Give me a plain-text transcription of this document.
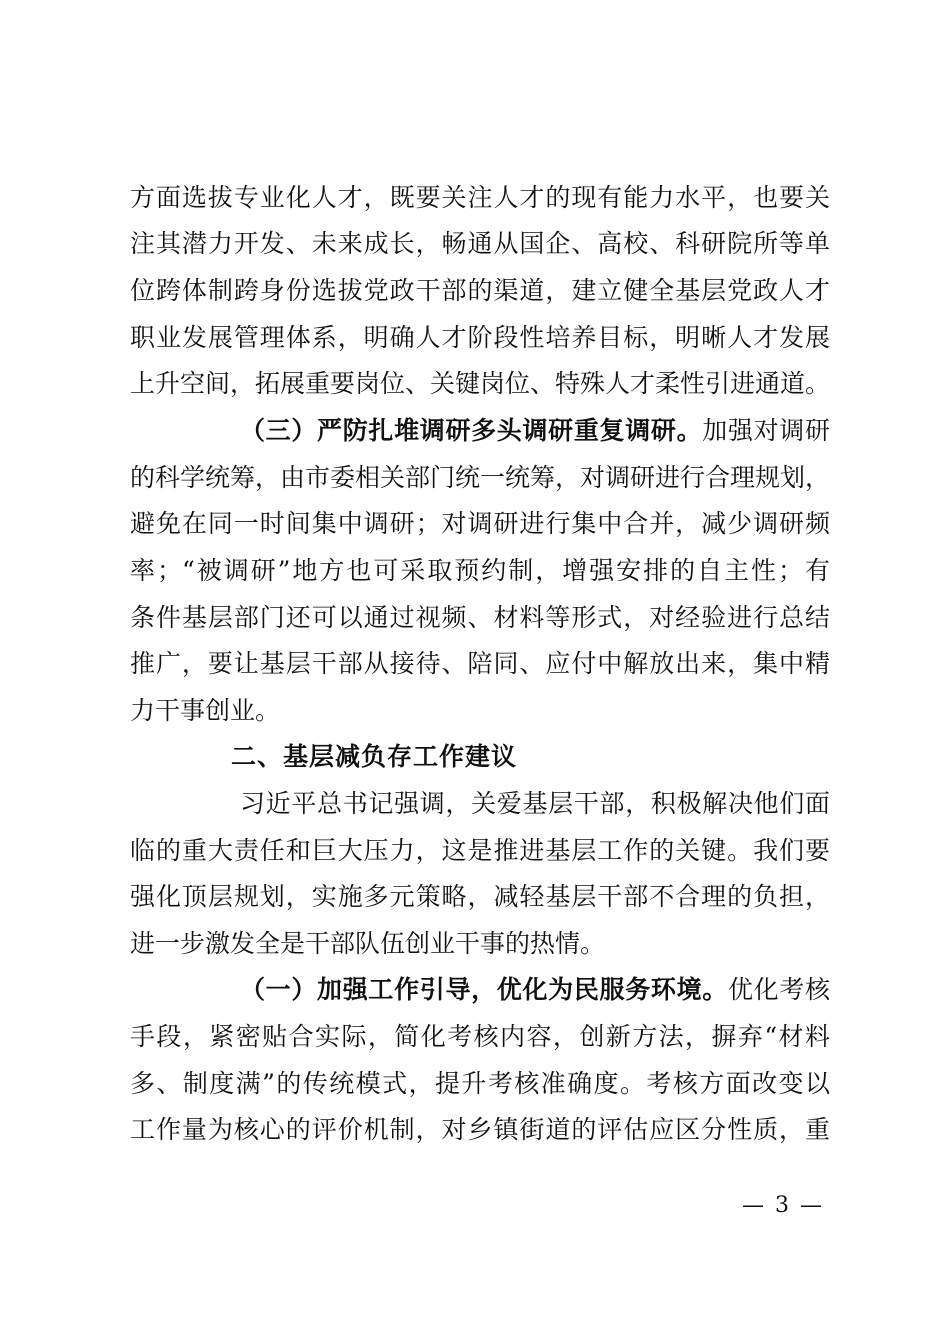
方面选拔专业化人才，既要关注人才的现有能力水平，也要关
注其潜力开发、未来成长，畅通从国企、高校、科研院所等单
位跨体制跨身份选拔党政干部的渠道，建立健全基层党政人才
职业发展管理体系，明确人才阶段性培养目标，明晰人才发展
上升空间，拓展重要岗位、关键岗位、特殊人才柔性引进通道。
（三）严防扎堆调研多头调研重复调研。加强对调研
的科学统筹，由市委相关部门统一统筹，对调研进行合理规划，
避免在同一时间集中调研；对调研进行集中合并，减少调研频
率；“被调研”地方也可采取预约制，增强安排的自主性；有
条件基层部门还可以通过视频、材料等形式，对经验进行总结
推广，要让基层干部从接待、陪同、应付中解放出来，集中精
力干事创业。
二、基层减负存工作建议
习近平总书记强调，关爱基层干部，积极解决他们面
临的重大责任和巨大压力，这是推进基层工作的关键。我们要
强化顶层规划，实施多元策略，减轻基层干部不合理的负担，
进一步激发全是干部队伍创业干事的热情。
（一）加强工作引导，优化为民服务环境。优化考核
手段，紧密贴合实际，简化考核内容，创新方法，摒弃“材料
多、制度满”的传统模式，提升考核准确度。考核方面改变以
工作量为核心的评价机制，对乡镇街道的评估应区分性质，重
— 3 —
